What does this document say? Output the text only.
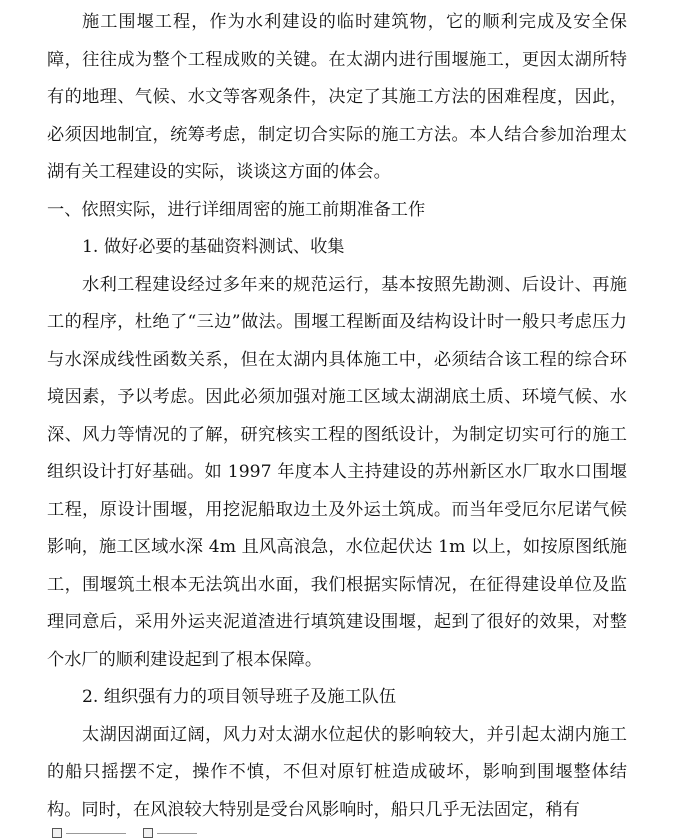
施工围堰工程，作为水利建设的临时建筑物，它的顺利完成及安全保障，往往成为整个工程成败的关键。在太湖内进行围堰施工，更因太湖所特有的地理、气候、水文等客观条件，决定了其施工方法的困难程度，因此，必须因地制宜，统筹考虑，制定切合实际的施工方法。本人结合参加治理太湖有关工程建设的实际，谈谈这方面的体会。

一、依照实际，进行详细周密的施工前期准备工作

1. 做好必要的基础资料测试、收集

水利工程建设经过多年来的规范运行，基本按照先勘测、后设计、再施工的程序，杜绝了“三边”做法。围堰工程断面及结构设计时一般只考虑压力与水深成线性函数关系，但在太湖内具体施工中，必须结合该工程的综合环境因素，予以考虑。因此必须加强对施工区域太湖湖底土质、环境气候、水深、风力等情况的了解，研究核实工程的图纸设计，为制定切实可行的施工组织设计打好基础。如 1997 年度本人主持建设的苏州新区水厂取水口围堰工程，原设计围堰，用挖泥船取边土及外运土筑成。而当年受厄尔尼诺气候影响，施工区域水深 4m 且风高浪急，水位起伏达 1m 以上，如按原图纸施工，围堰筑土根本无法筑出水面，我们根据实际情况，在征得建设单位及监理同意后，采用外运夹泥道渣进行填筑建设围堰，起到了很好的效果，对整个水厂的顺利建设起到了根本保障。

2. 组织强有力的项目领导班子及施工队伍

太湖因湖面辽阔，风力对太湖水位起伏的影响较大，并引起太湖内施工的船只摇摆不定，操作不慎，不但对原钉桩造成破坏，影响到围堰整体结构。同时，在风浪较大特别是受台风影响时，船只几乎无法固定，稍有
